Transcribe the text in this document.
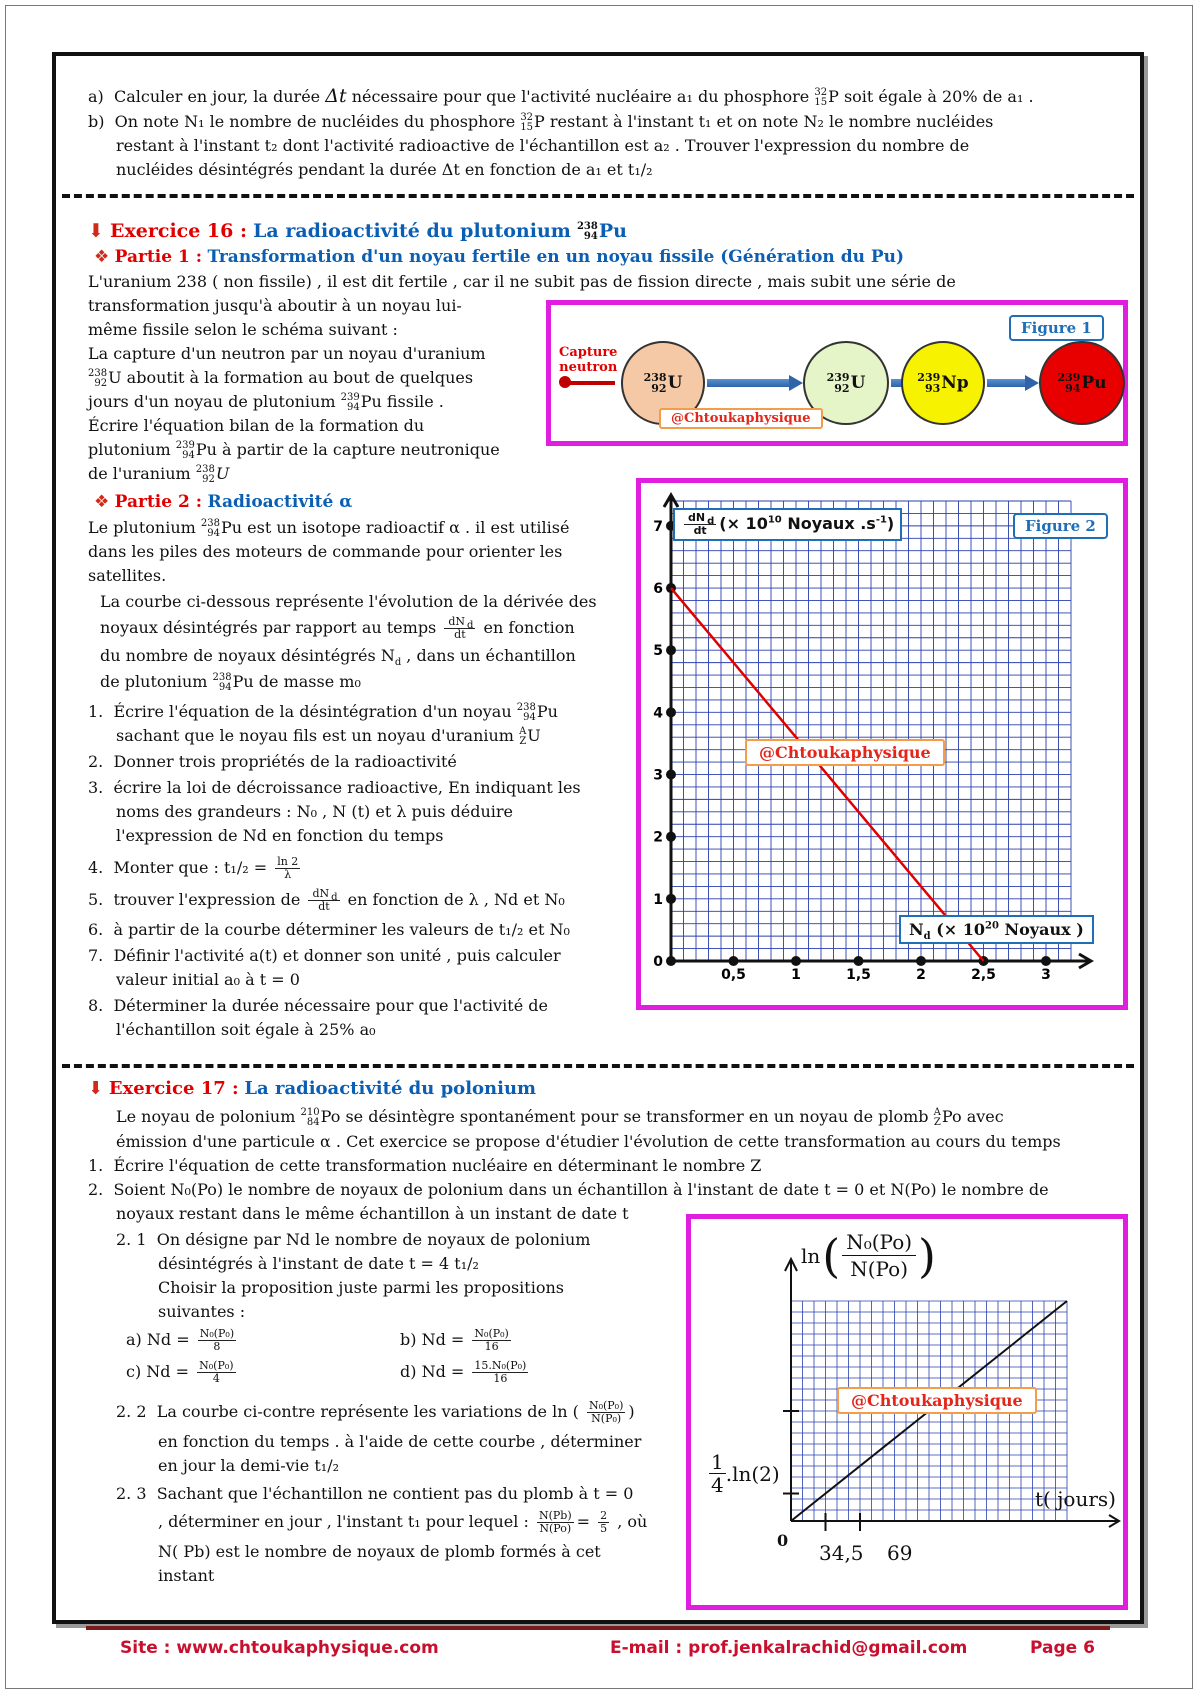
a) Calculer en jour, la durée Δt nécessaire pour que l'activité nucléaire a₁ du phosphore 32
15 P soit égale à 20% de a₁ .
b) On note N₁ le nombre de nucléides du phosphore 32
15 P restant à l'instant t₁ et on note N₂ le nombre nucléides
restant à l'instant t₂ dont l'activité radioactive de l'échantillon est a₂ . Trouver l'expression du nombre de
nucléides désintégrés pendant la durée Δt en fonction de a₁ et t₁/₂
⬇ Exercice 16 : La radioactivité du plutonium 238
94 Pu
❖ Partie 1 : Transformation d'un noyau fertile en un noyau fissile (Génération du Pu)
L'uranium 238 ( non fissile) , il est dit fertile , car il ne subit pas de fission directe , mais subit une série de
transformation jusqu'à aboutir à un noyau lui-
même fissile selon le schéma suivant :
La capture d'un neutron par un noyau d'uranium
238
92 U aboutit à la formation au bout de quelques
jours d'un noyau de plutonium 239
94 Pu fissile .
Écrire l'équation bilan de la formation du
plutonium 239
94 Pu à partir de la capture neutronique
de l'uranium 238
92 U
Figure 1
Capture
neutron
238
92 U	239
92 U	239
93 Np	239
94 Pu
@Chtoukaphysique
❖ Partie 2 : Radioactivité α
Le plutonium 238
94 Pu est un isotope radioactif α . il est utilisé
dans les piles des moteurs de commande pour orienter les
satellites.
La courbe ci-dessous représente l'évolution de la dérivée des
noyaux désintégrés par rapport au temps $\frac{dN _d}{dt}$ en fonction
du nombre de noyaux désintégrés $N_d$ , dans un échantillon
de plutonium 238
94 Pu de masse m₀
1. Écrire l'équation de la désintégration d'un noyau 238
94 Pu
sachant que le noyau fils est un noyau d'uranium A
Z U
2. Donner trois propriétés de la radioactivité
3. écrire la loi de décroissance radioactive, En indiquant les
noms des grandeurs : N₀ , N (t) et λ puis déduire
l'expression de Nd en fonction du temps
4. Monter que : $t_1/_2 = \frac{\ln 2}{\lambda}$
5. trouver l'expression de $\frac{dN _d}{dt}$ en fonction de λ , Nd et N₀
6. à partir de la courbe déterminer les valeurs de t₁/₂ et N₀
7. Définir l'activité a(t) et donner son unité , puis calculer
valeur initial a₀ à t = 0
8. Déterminer la durée nécessaire pour que l'activité de
l'échantillon soit égale à 25% a₀
0,5	1	1,5	2	2,5	3
0
1
2
3
4
5
6
7	Figure 2
$\frac{dN _d}{dt}$ (× $10^{10}$ Noyaux $.s^{-1}$)
@Chtoukaphysique
$N_d$ (× $10^{20}$ Noyaux )
⬇ Exercice 17 : La radioactivité du polonium
Le noyau de polonium 210
84 Po se désintègre spontanément pour se transformer en un noyau de plomb A
Z Po avec
émission d'une particule α . Cet exercice se propose d'étudier l'évolution de cette transformation au cours du temps
1. Écrire l'équation de cette transformation nucléaire en déterminant le nombre Z
2. Soient N₀(Po) le nombre de noyaux de polonium dans un échantillon à l'instant de date t = 0 et N(Po) le nombre de
noyaux restant dans le même échantillon à un instant de date t
2. 1 On désigne par Nd le nombre de noyaux de polonium
désintégrés à l'instant de date t = 4 t₁/₂
Choisir la proposition juste parmi les propositions
suivantes :
a) $Nd = \frac{\text{N₀(P₀)}}{8}$	b) $Nd = \frac{\text{N₀(P₀)}}{16}$
c) $Nd = \frac{\text{N₀(P₀)}}{4}$	d) $Nd = \frac{\text{15.N₀(P₀)}}{16}$
2. 2 La courbe ci-contre représente les variations de ln ( $\frac{\text{N₀(P₀)}}{\text{N(P₀)}}$ )
en fonction du temps . à l'aide de cette courbe , déterminer
en jour la demi-vie t₁/₂
2. 3 Sachant que l'échantillon ne contient pas du plomb à t = 0
, déterminer en jour , l'instant t₁ pour lequel : $\frac{N(Pb)}{N(Po)} = \frac{2}{5}$ , où
N( Pb) est le nombre de noyaux de plomb formés à cet
instant
ln ( N₀(Po)
N(Po) )
@Chtoukaphysique
1
4 .ln(2)
t( jours)
0
34,5 69
Site : www.chtoukaphysique.com	E-mail : prof.jenkalrachid@gmail.com	Page 6
